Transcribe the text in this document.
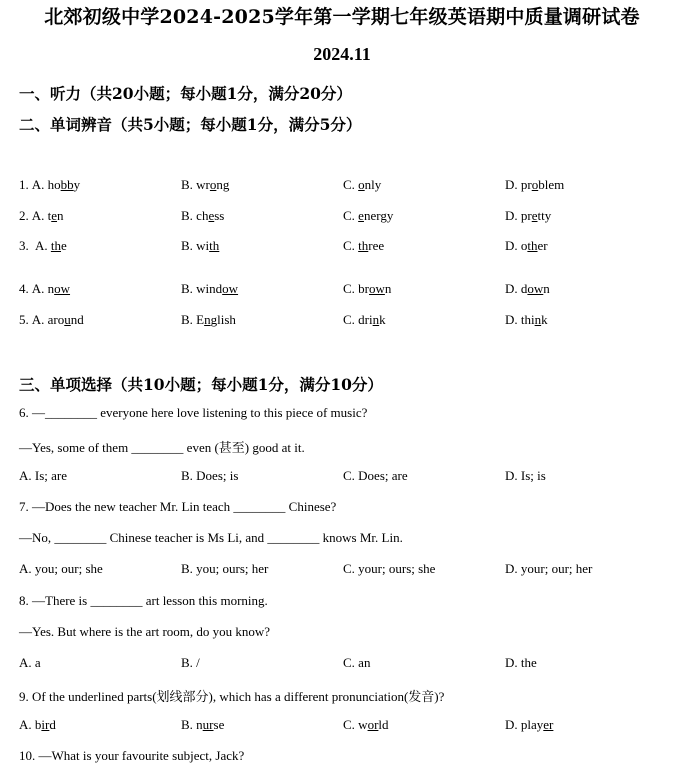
北郊初级中学2024-2025学年第一学期七年级英语期中质量调研试卷
2024.11
一、听力（共20小题；每小题1分，满分20分）
二、单词辨音（共5小题；每小题1分，满分5分）
1. A. hobby	B. wrong	C. only	D. problem
2. A. ten	B. chess	C. energy	D. pretty
3. A. the	B. with	C. three	D. other
4. A. now	B. window	C. brown	D. down
5. A. around	B. English	C. drink	D. think
三、单项选择（共10小题；每小题1分，满分10分）
6. —________ everyone here love listening to this piece of music?
—Yes, some of them ________ even (甚至) good at it.
A. Is; are	B. Does; is	C. Does; are	D. Is; is
7. —Does the new teacher Mr. Lin teach ________ Chinese?
—No, ________ Chinese teacher is Ms Li, and ________ knows Mr. Lin.
A. you; our; she	B. you; ours; her	C. your; ours; she	D. your; our; her
8. —There is ________ art lesson this morning.
—Yes. But where is the art room, do you know?
A. a	B. /	C. an	D. the
9. Of the underlined parts(划线部分), which has a different pronunciation(发音)?
A. bird	B. nurse	C. world	D. player
10. —What is your favourite subject, Jack?
